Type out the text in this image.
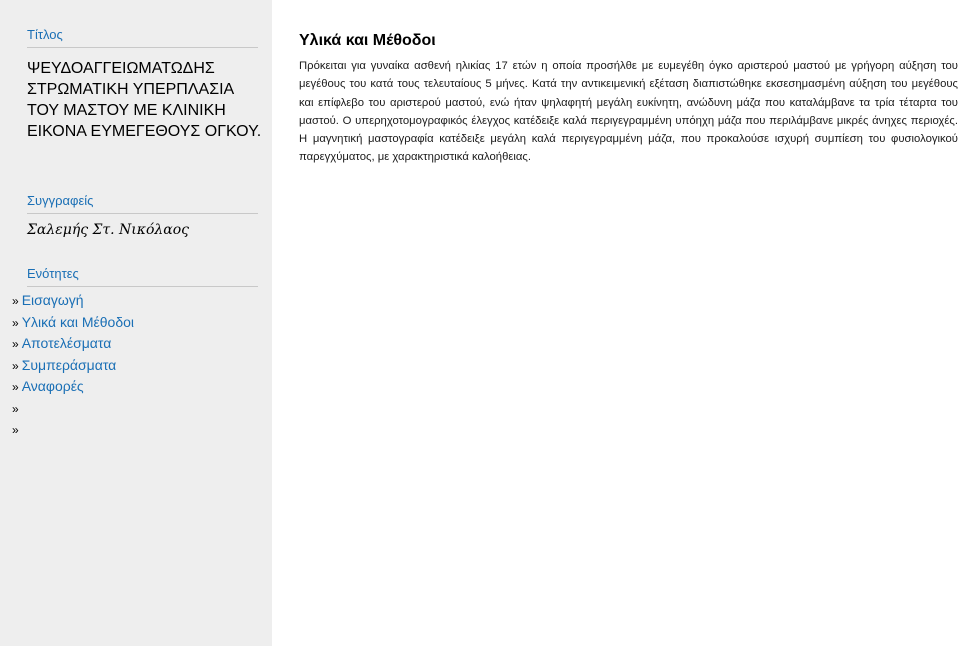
Τίτλος
ΨΕΥΔΟΑΓΓΕΙΩΜΑΤΩΔΗΣ ΣΤΡΩΜΑΤΙΚΗ ΥΠΕΡΠΛΑΣΙΑ ΤΟΥ ΜΑΣΤΟΥ ΜΕ ΚΛΙΝΙΚΗ ΕΙΚΟΝΑ ΕΥΜΕΓΕΘΟΥΣ ΟΓΚΟΥ.
Συγγραφείς
Σαλεμής Στ. Νικόλαος
Ενότητες
» Εισαγωγή
» Υλικά και Μέθοδοι
» Αποτελέσματα
» Συμπεράσματα
» Αναφορές
»
»
Υλικά και Μέθοδοι

Πρόκειται για γυναίκα ασθενή ηλικίας 17 ετών η οποία προσήλθε με ευμεγέθη όγκο αριστερού μαστού με γρήγορη αύξηση του μεγέθους του κατά τους τελευταίους 5 μήνες. Κατά την αντικειμενική εξέταση διαπιστώθηκε εκσεσημασμένη αύξηση του μεγέθους και επίφλεβο του αριστερού μαστού, ενώ ήταν ψηλαφητή μεγάλη ευκίνητη, ανώδυνη μάζα που καταλάμβανε τα τρία τέταρτα του μαστού. Ο υπερηχοτομογραφικός έλεγχος κατέδειξε καλά περιγεγραμμένη υπόηχη μάζα που περιλάμβανε μικρές άνηχες περιοχές. Η μαγνητική μαστογραφία κατέδειξε μεγάλη καλά περιγεγραμμένη μάζα, που προκαλούσε ισχυρή συμπίεση του φυσιολογικού παρεγχύματος, με χαρακτηριστικά καλοήθειας.
